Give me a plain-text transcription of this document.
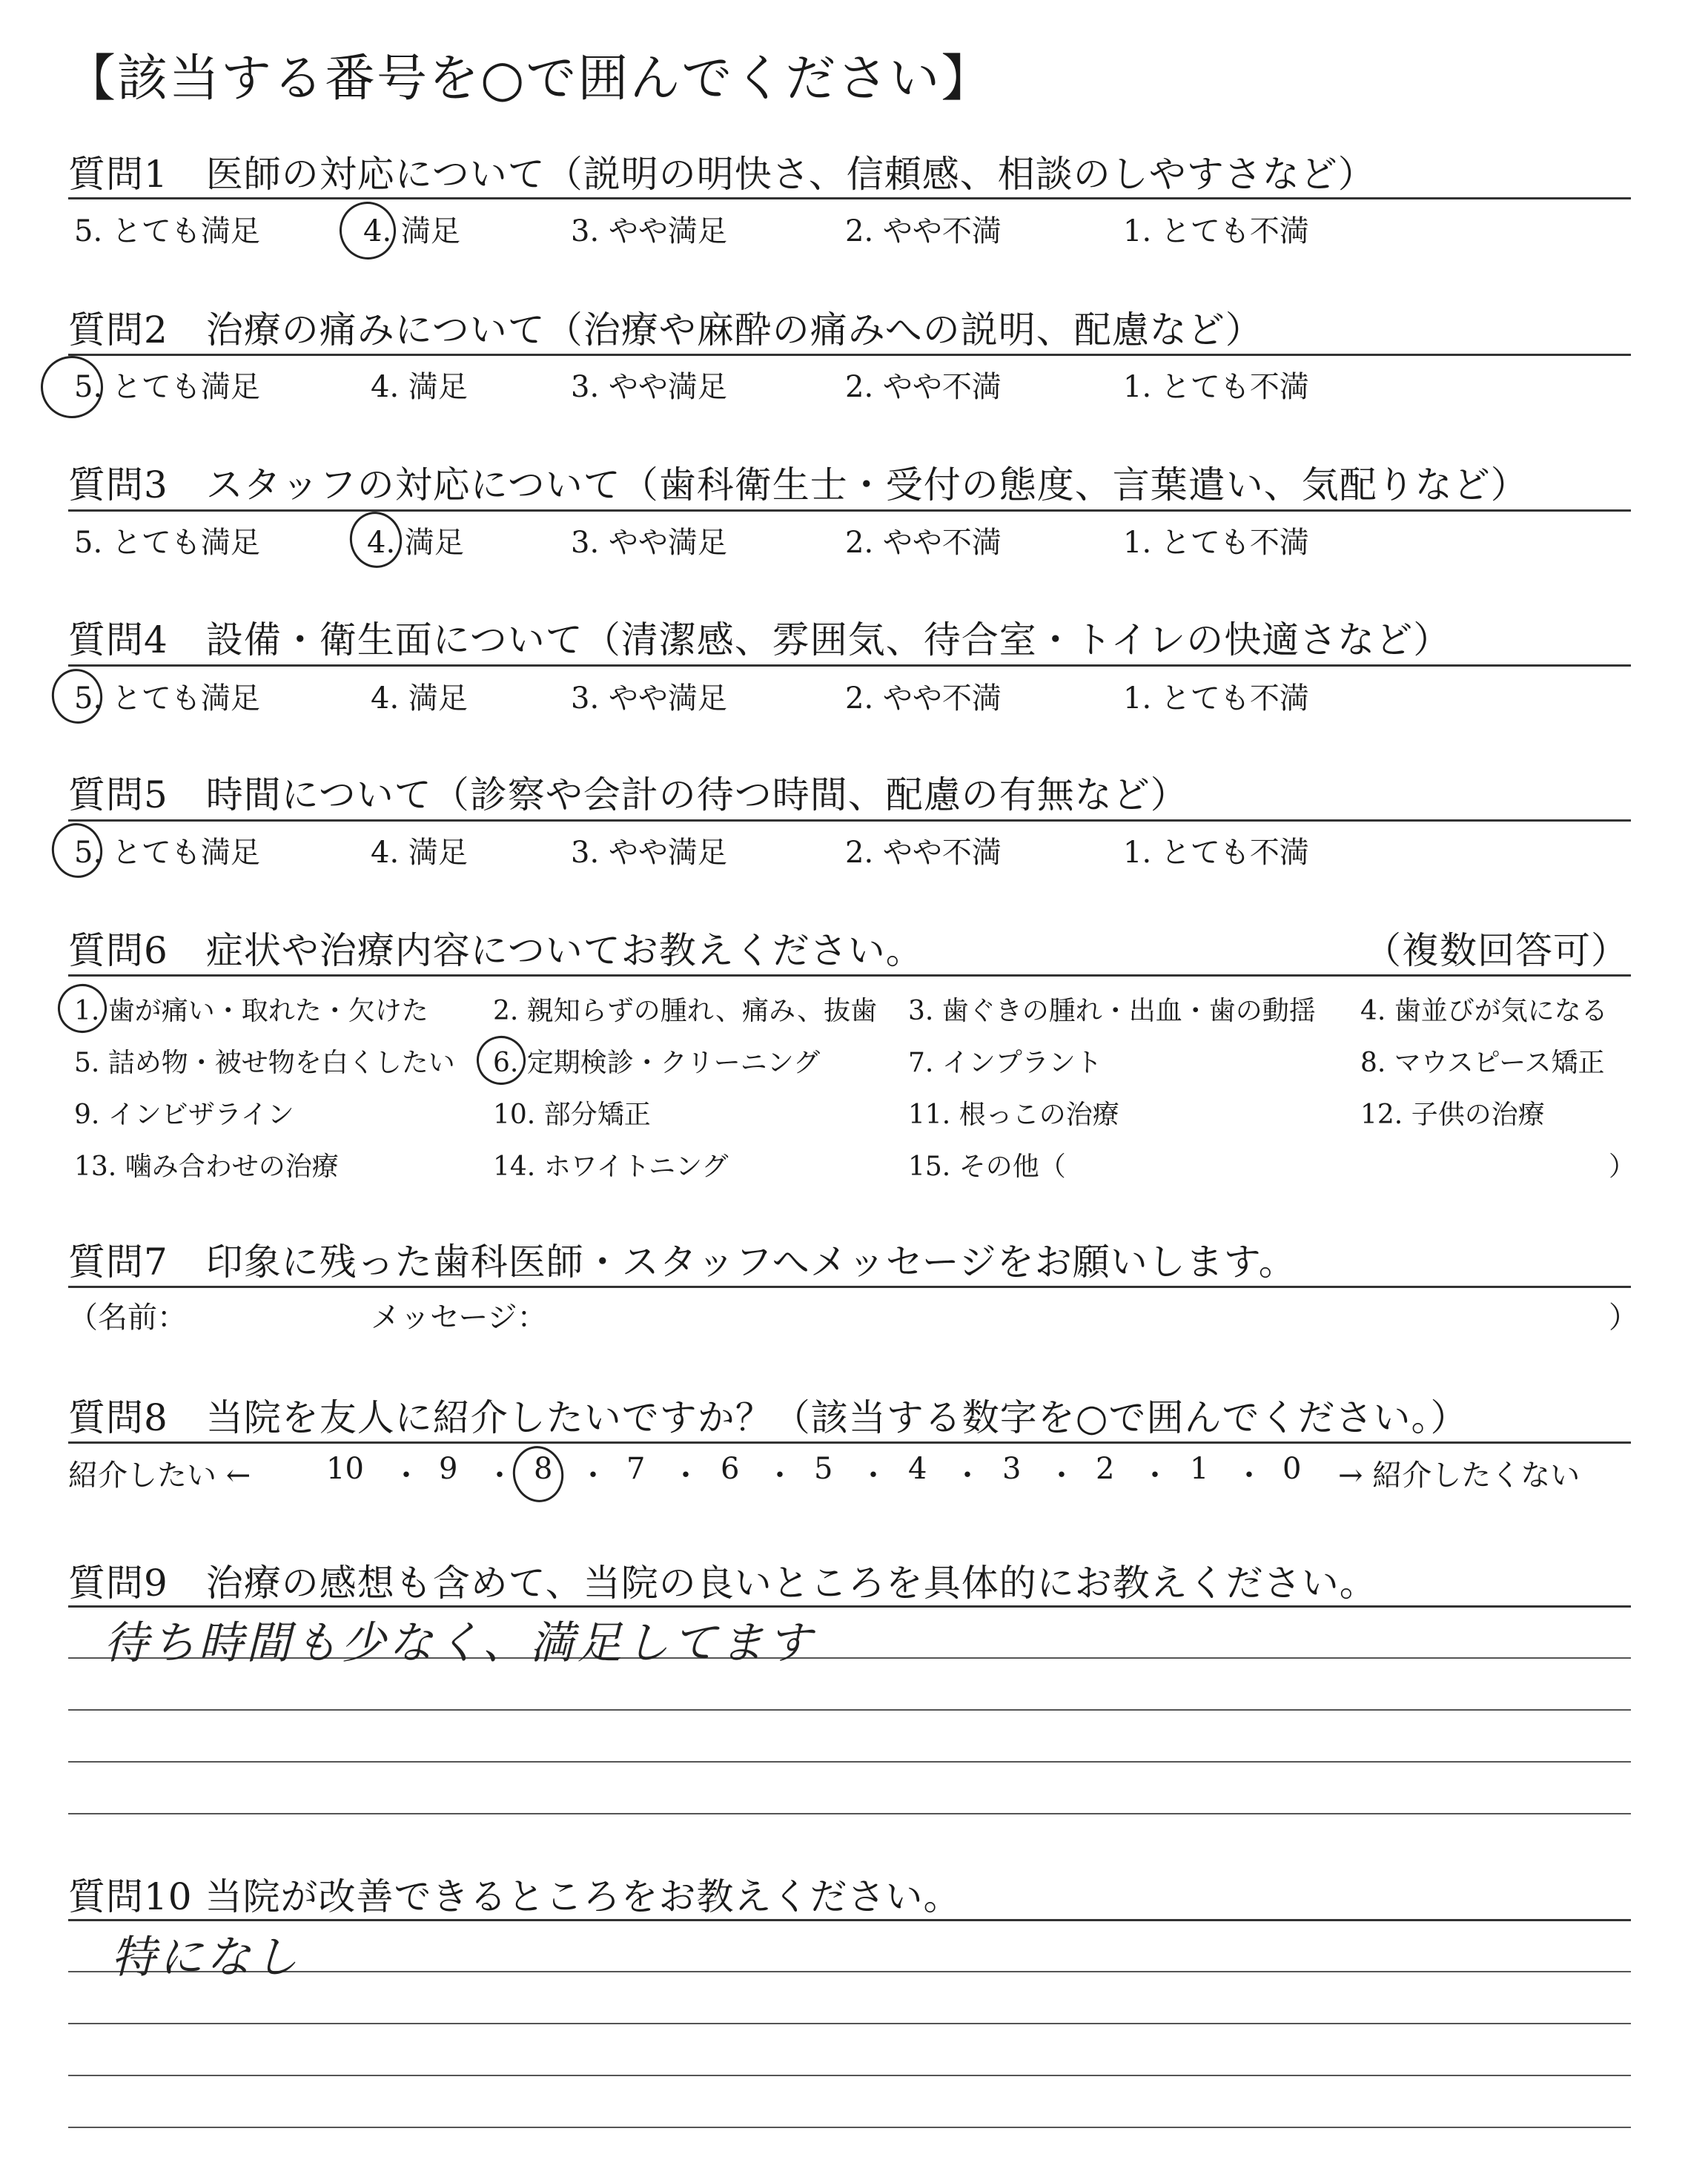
【該当する番号を○で囲んでください】
質問1　医師の対応について（説明の明快さ、信頼感、相談のしやすさなど）
5. とても満足	4. 満足	3. やや満足	2. やや不満	1. とても不満
質問2　治療の痛みについて（治療や麻酔の痛みへの説明、配慮など）
5. とても満足	4. 満足	3. やや満足	2. やや不満	1. とても不満
質問3　スタッフの対応について（歯科衛生士・受付の態度、言葉遣い、気配りなど）
5. とても満足	4. 満足	3. やや満足	2. やや不満	1. とても不満
質問4　設備・衛生面について（清潔感、雰囲気、待合室・トイレの快適さなど）
5. とても満足	4. 満足	3. やや満足	2. やや不満	1. とても不満
質問5　時間について（診察や会計の待つ時間、配慮の有無など）
5. とても満足	4. 満足	3. やや満足	2. やや不満	1. とても不満
質問6　症状や治療内容についてお教えください。	（複数回答可）
1. 歯が痛い・取れた・欠けた 2. 親知らずの腫れ、痛み、抜歯 3. 歯ぐきの腫れ・出血・歯の動揺 4. 歯並びが気になる
5. 詰め物・被せ物を白くしたい 6. 定期検診・クリーニング	7. インプラント	8. マウスピース矯正
9. インビザライン	10. 部分矯正	11. 根っこの治療	12. 子供の治療
13. 噛み合わせの治療	14. ホワイトニング	15. その他（	）
質問7　印象に残った歯科医師・スタッフへメッセージをお願いします。
（名前：	メッセージ：	）
質問8　当院を友人に紹介したいですか？（該当する数字を○で囲んでください。）
紹介したい ←	10 ・ 9 ・ 8 ・ 7 ・ 6 ・ 5 ・ 4 ・ 3 ・ 2 ・ 1 ・ 0 → 紹介したくない
質問9　治療の感想も含めて、当院の良いところを具体的にお教えください。
待ち時間も少なく、満足してます
質問10 当院が改善できるところをお教えください。
特になし
